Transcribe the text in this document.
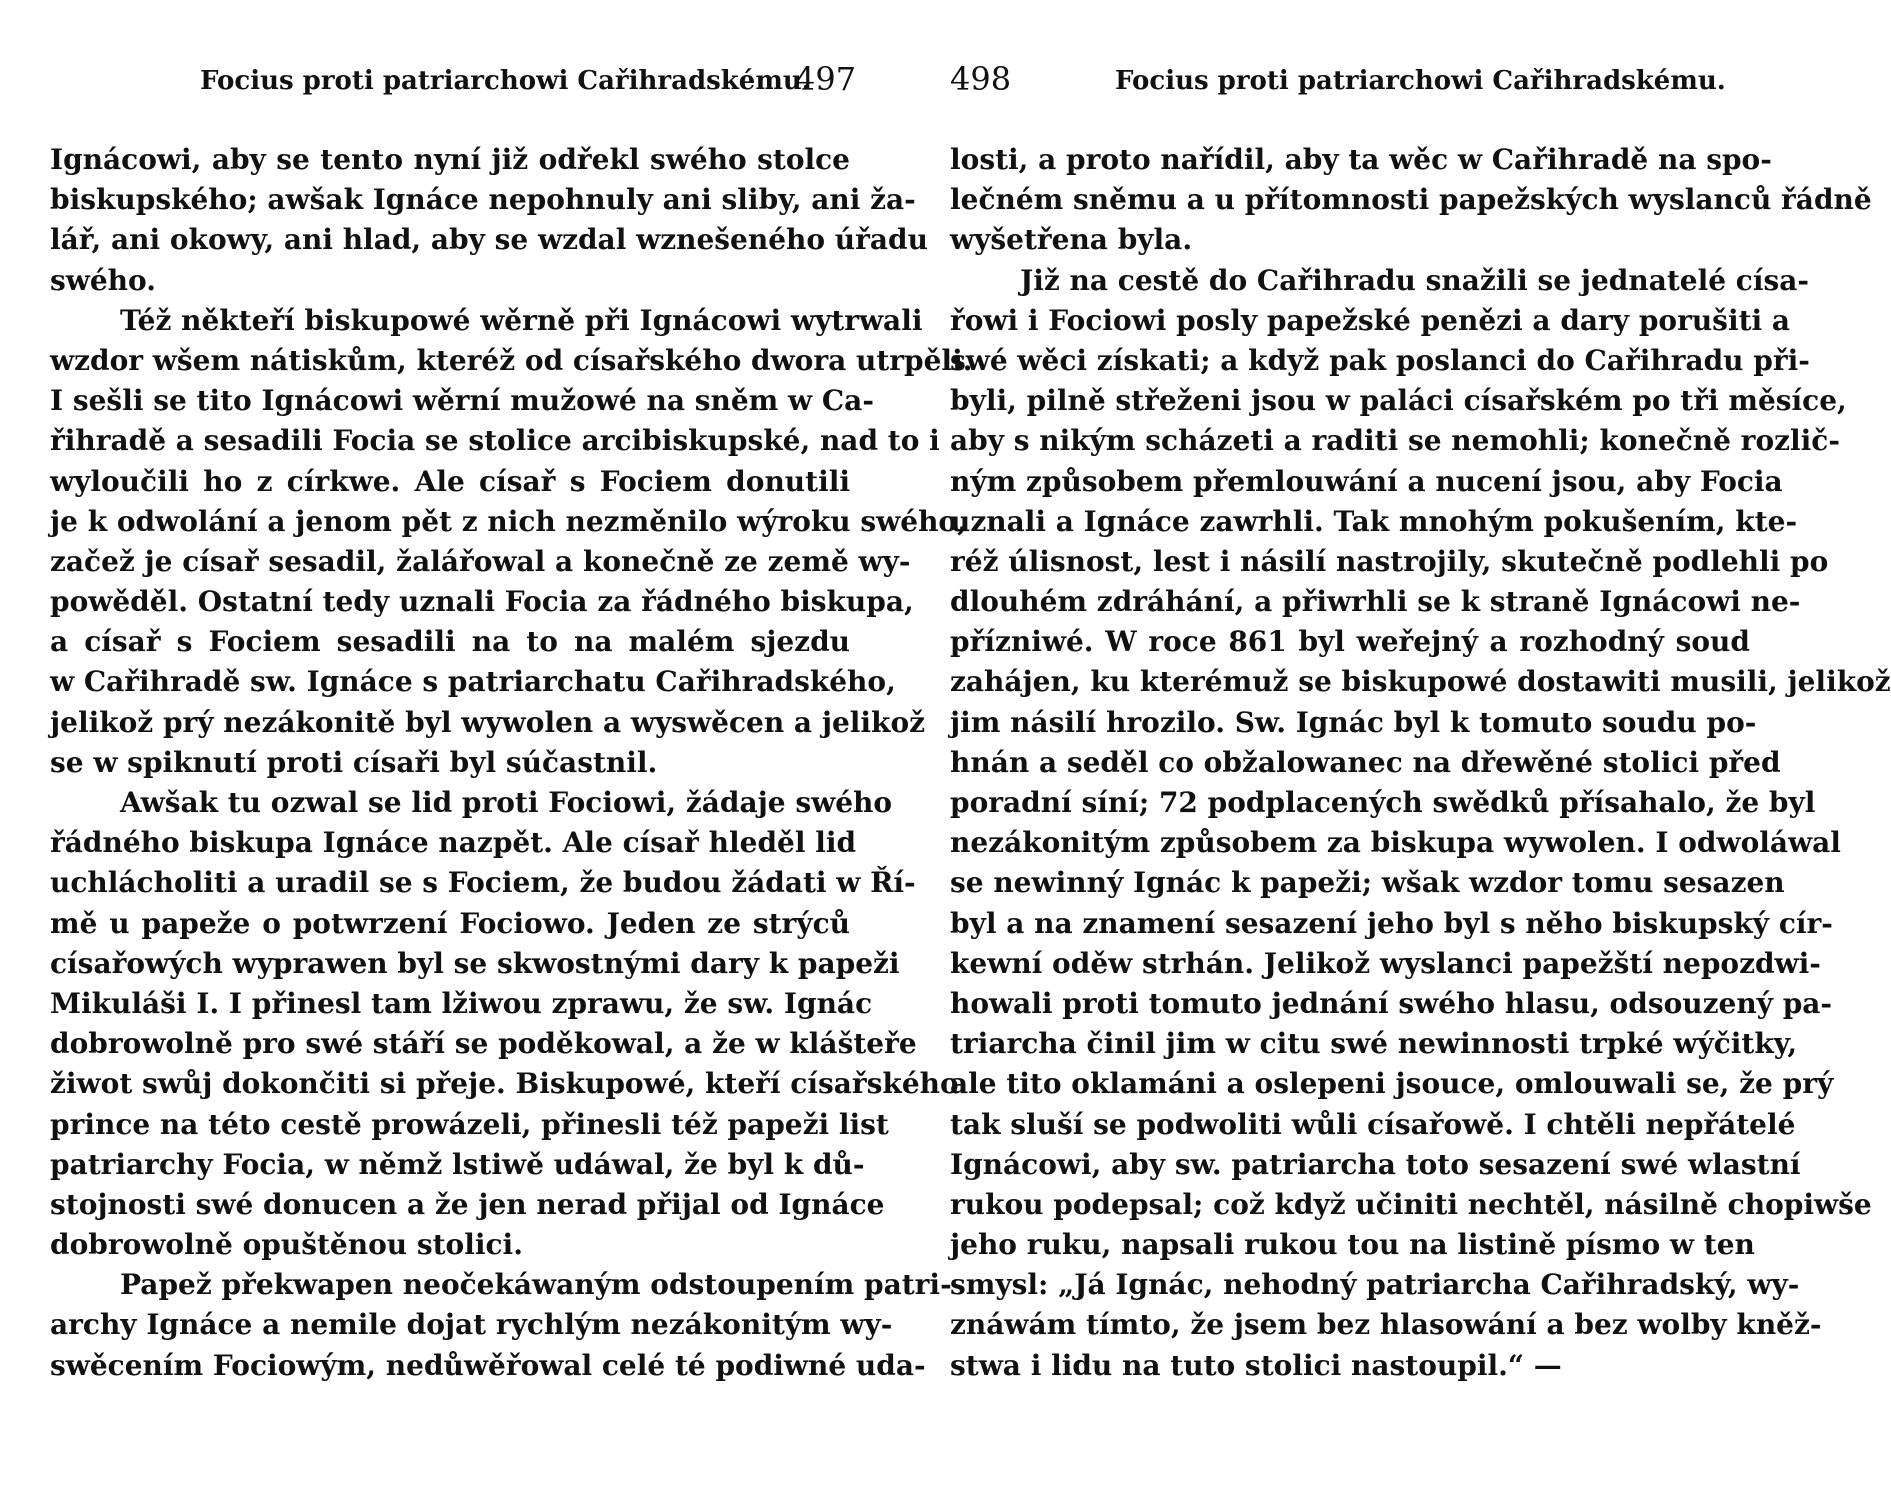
Focius proti patriarchowi Cařihradskému.
497
Ignácowi, aby se tento nyní již odřekl swého stolce
biskupského; awšak Ignáce nepohnuly ani sliby, ani ža-
lář, ani okowy, ani hlad, aby se wzdal wznešeného úřadu
swého.
Též někteří biskupowé wěrně při Ignácowi wytrwali
wzdor wšem nátiskům, kteréž od císařského dwora utrpěli.
I sešli se tito Ignácowi wěrní mužowé na sněm w Ca-
řihradě a sesadili Focia se stolice arcibiskupské, nad to i
wyloučili ho z církwe. Ale císař s Fociem donutili
je k odwolání a jenom pět z nich nezměnilo wýroku swého,
začež je císař sesadil, žalářowal a konečně ze země wy-
powěděl. Ostatní tedy uznali Focia za řádného biskupa,
a císař s Fociem sesadili na to na malém sjezdu
w Cařihradě sw. Ignáce s patriarchatu Cařihradského,
jelikož prý nezákonitě byl wywolen a wyswěcen a jelikož
se w spiknutí proti císaři byl súčastnil.
Awšak tu ozwal se lid proti Fociowi, žádaje swého
řádného biskupa Ignáce nazpět. Ale císař hleděl lid
uchlácholiti a uradil se s Fociem, že budou žádati w Ří-
mě u papeže o potwrzení Fociowo. Jeden ze strýců
císařowých wyprawen byl se skwostnými dary k papeži
Mikuláši I. I přinesl tam lžiwou zprawu, že sw. Ignác
dobrowolně pro swé stáří se poděkowal, a že w klášteře
žiwot swůj dokončiti si přeje. Biskupowé, kteří císařského
prince na této cestě prowázeli, přinesli též papeži list
patriarchy Focia, w němž lstiwě udáwal, že byl k dů-
stojnosti swé donucen a že jen nerad přijal od Ignáce
dobrowolně opuštěnou stolici.
Papež překwapen neočekáwaným odstoupením patri-
archy Ignáce a nemile dojat rychlým nezákonitým wy-
swěcením Fociowým, nedůwěřowal celé té podiwné uda-
498	Focius proti patriarchowi Cařihradskému.
losti, a proto nařídil, aby ta wěc w Cařihradě na spo-
lečném sněmu a u přítomnosti papežských wyslanců řádně
wyšetřena byla.
Již na cestě do Cařihradu snažili se jednatelé císa-
řowi i Fociowi posly papežské penězi a dary porušiti a
swé wěci získati; a když pak poslanci do Cařihradu při-
byli, pilně střeženi jsou w paláci císařském po tři měsíce,
aby s nikým scházeti a raditi se nemohli; konečně rozlič-
ným způsobem přemlouwání a nucení jsou, aby Focia
uznali a Ignáce zawrhli. Tak mnohým pokušením, kte-
réž úlisnost, lest i násilí nastrojily, skutečně podlehli po
dlouhém zdráhání, a přiwrhli se k straně Ignácowi ne-
přízniwé. W roce 861 byl weřejný a rozhodný soud
zahájen, ku kterémuž se biskupowé dostawiti musili, jelikož
jim násilí hrozilo. Sw. Ignác byl k tomuto soudu po-
hnán a seděl co obžalowanec na dřewěné stolici před
poradní síní; 72 podplacených swědků přísahalo, že byl
nezákonitým způsobem za biskupa wywolen. I odwoláwal
se newinný Ignác k papeži; wšak wzdor tomu sesazen
byl a na znamení sesazení jeho byl s něho biskupský cír-
kewní oděw strhán. Jelikož wyslanci papežští nepozdwi-
howali proti tomuto jednání swého hlasu, odsouzený pa-
triarcha činil jim w citu swé newinnosti trpké wýčitky,
ale tito oklamáni a oslepeni jsouce, omlouwali se, že prý
tak sluší se podwoliti wůli císařowě. I chtěli nepřátelé
Ignácowi, aby sw. patriarcha toto sesazení swé wlastní
rukou podepsal; což když učiniti nechtěl, násilně chopiwše
jeho ruku, napsali rukou tou na listině písmo w ten
smysl: „Já Ignác, nehodný patriarcha Cařihradský, wy-
znáwám tímto, že jsem bez hlasowání a bez wolby kněž-
stwa i lidu na tuto stolici nastoupil.“ —
